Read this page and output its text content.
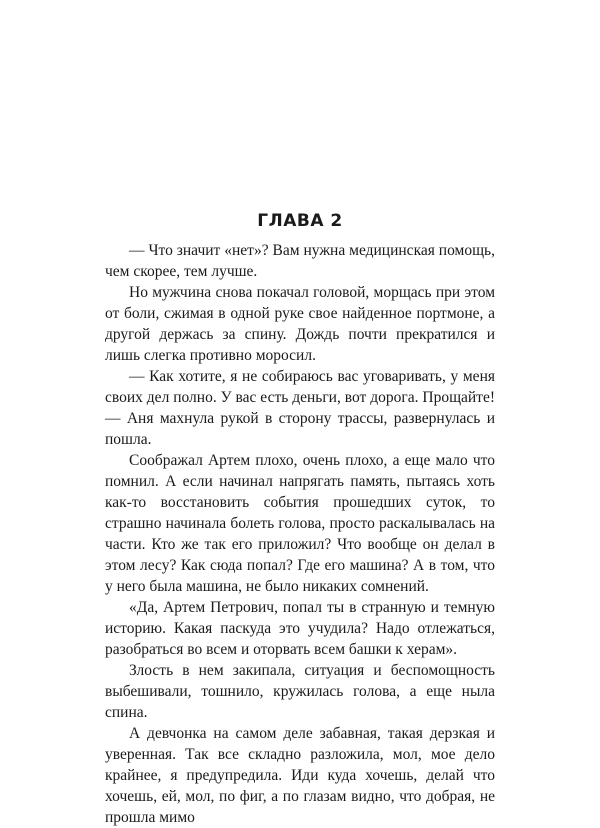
ГЛАВА 2

— Что значит «нет»? Вам нужна медицинская помощь, чем скорее, тем лучше.

Но мужчина снова покачал головой, морщась при этом от боли, сжимая в одной руке свое найденное портмоне, а другой держась за спину. Дождь почти прекратился и лишь слегка противно моросил.

— Как хотите, я не собираюсь вас уговаривать, у меня своих дел полно. У вас есть деньги, вот дорога. Прощайте! — Аня махнула рукой в сторону трассы, развернулась и пошла.

Соображал Артем плохо, очень плохо, а еще мало что помнил. А если начинал напрягать память, пытаясь хоть как-то восстановить события прошедших суток, то страшно начинала болеть голова, просто раскалывалась на части. Кто же так его приложил? Что вообще он делал в этом лесу? Как сюда попал? Где его машина? А в том, что у него была машина, не было никаких сомнений.

«Да, Артем Петрович, попал ты в странную и темную историю. Какая паскуда это учудила? Надо отлежаться, разобраться во всем и оторвать всем башки к херам».

Злость в нем закипала, ситуация и беспомощность выбешивали, тошнило, кружилась голова, а еще ныла спина.

А девчонка на самом деле забавная, такая дерзкая и уверенная. Так все складно разложила, мол, мое дело крайнее, я предупредила. Иди куда хочешь, делай что хочешь, ей, мол, по фиг, а по глазам видно, что добрая, не прошла мимо
